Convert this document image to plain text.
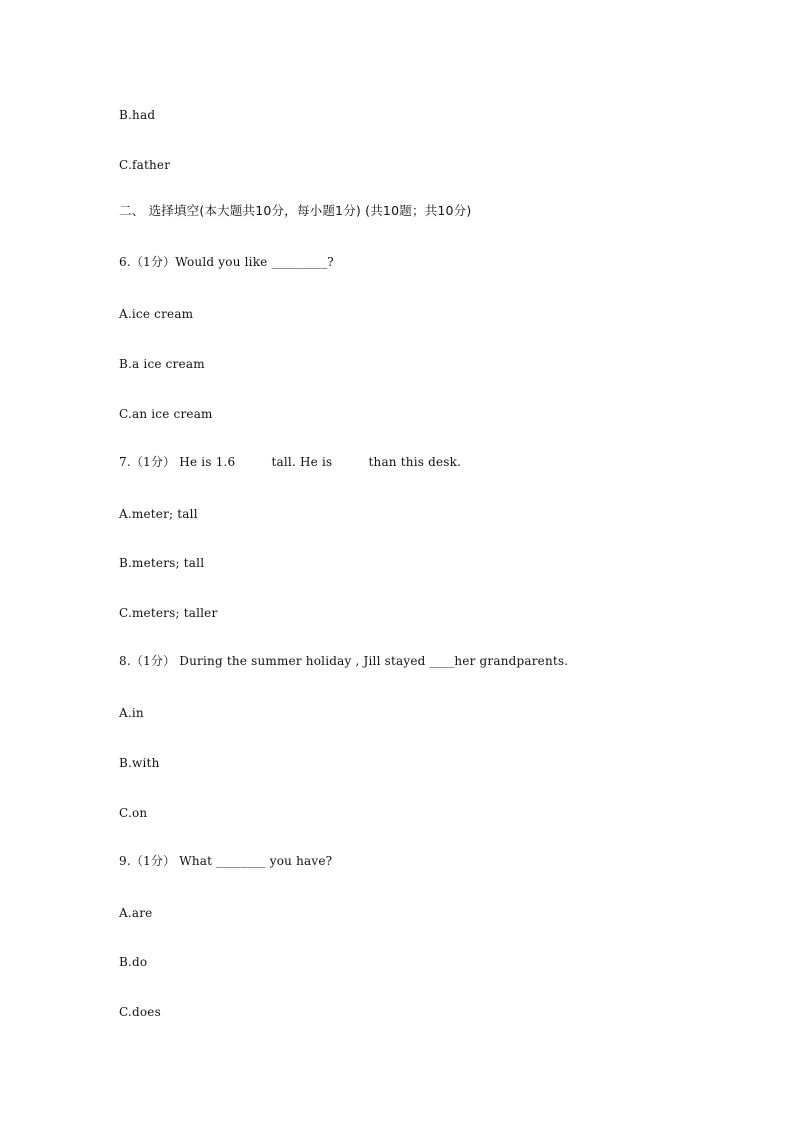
B.had
C.father
二、 选择填空(本大题共10分，每小题1分) (共10题；共10分)
6.（1分）Would you like _________?
A.ice cream
B.a ice cream
C.an ice cream
7.（1分） He is 1.6         tall. He is         than this desk.
A.meter; tall
B.meters; tall
C.meters; taller
8.（1分） During the summer holiday , Jill stayed ____her grandparents.
A.in
B.with
C.on
9.（1分） What ________ you have?
A.are
B.do
C.does
